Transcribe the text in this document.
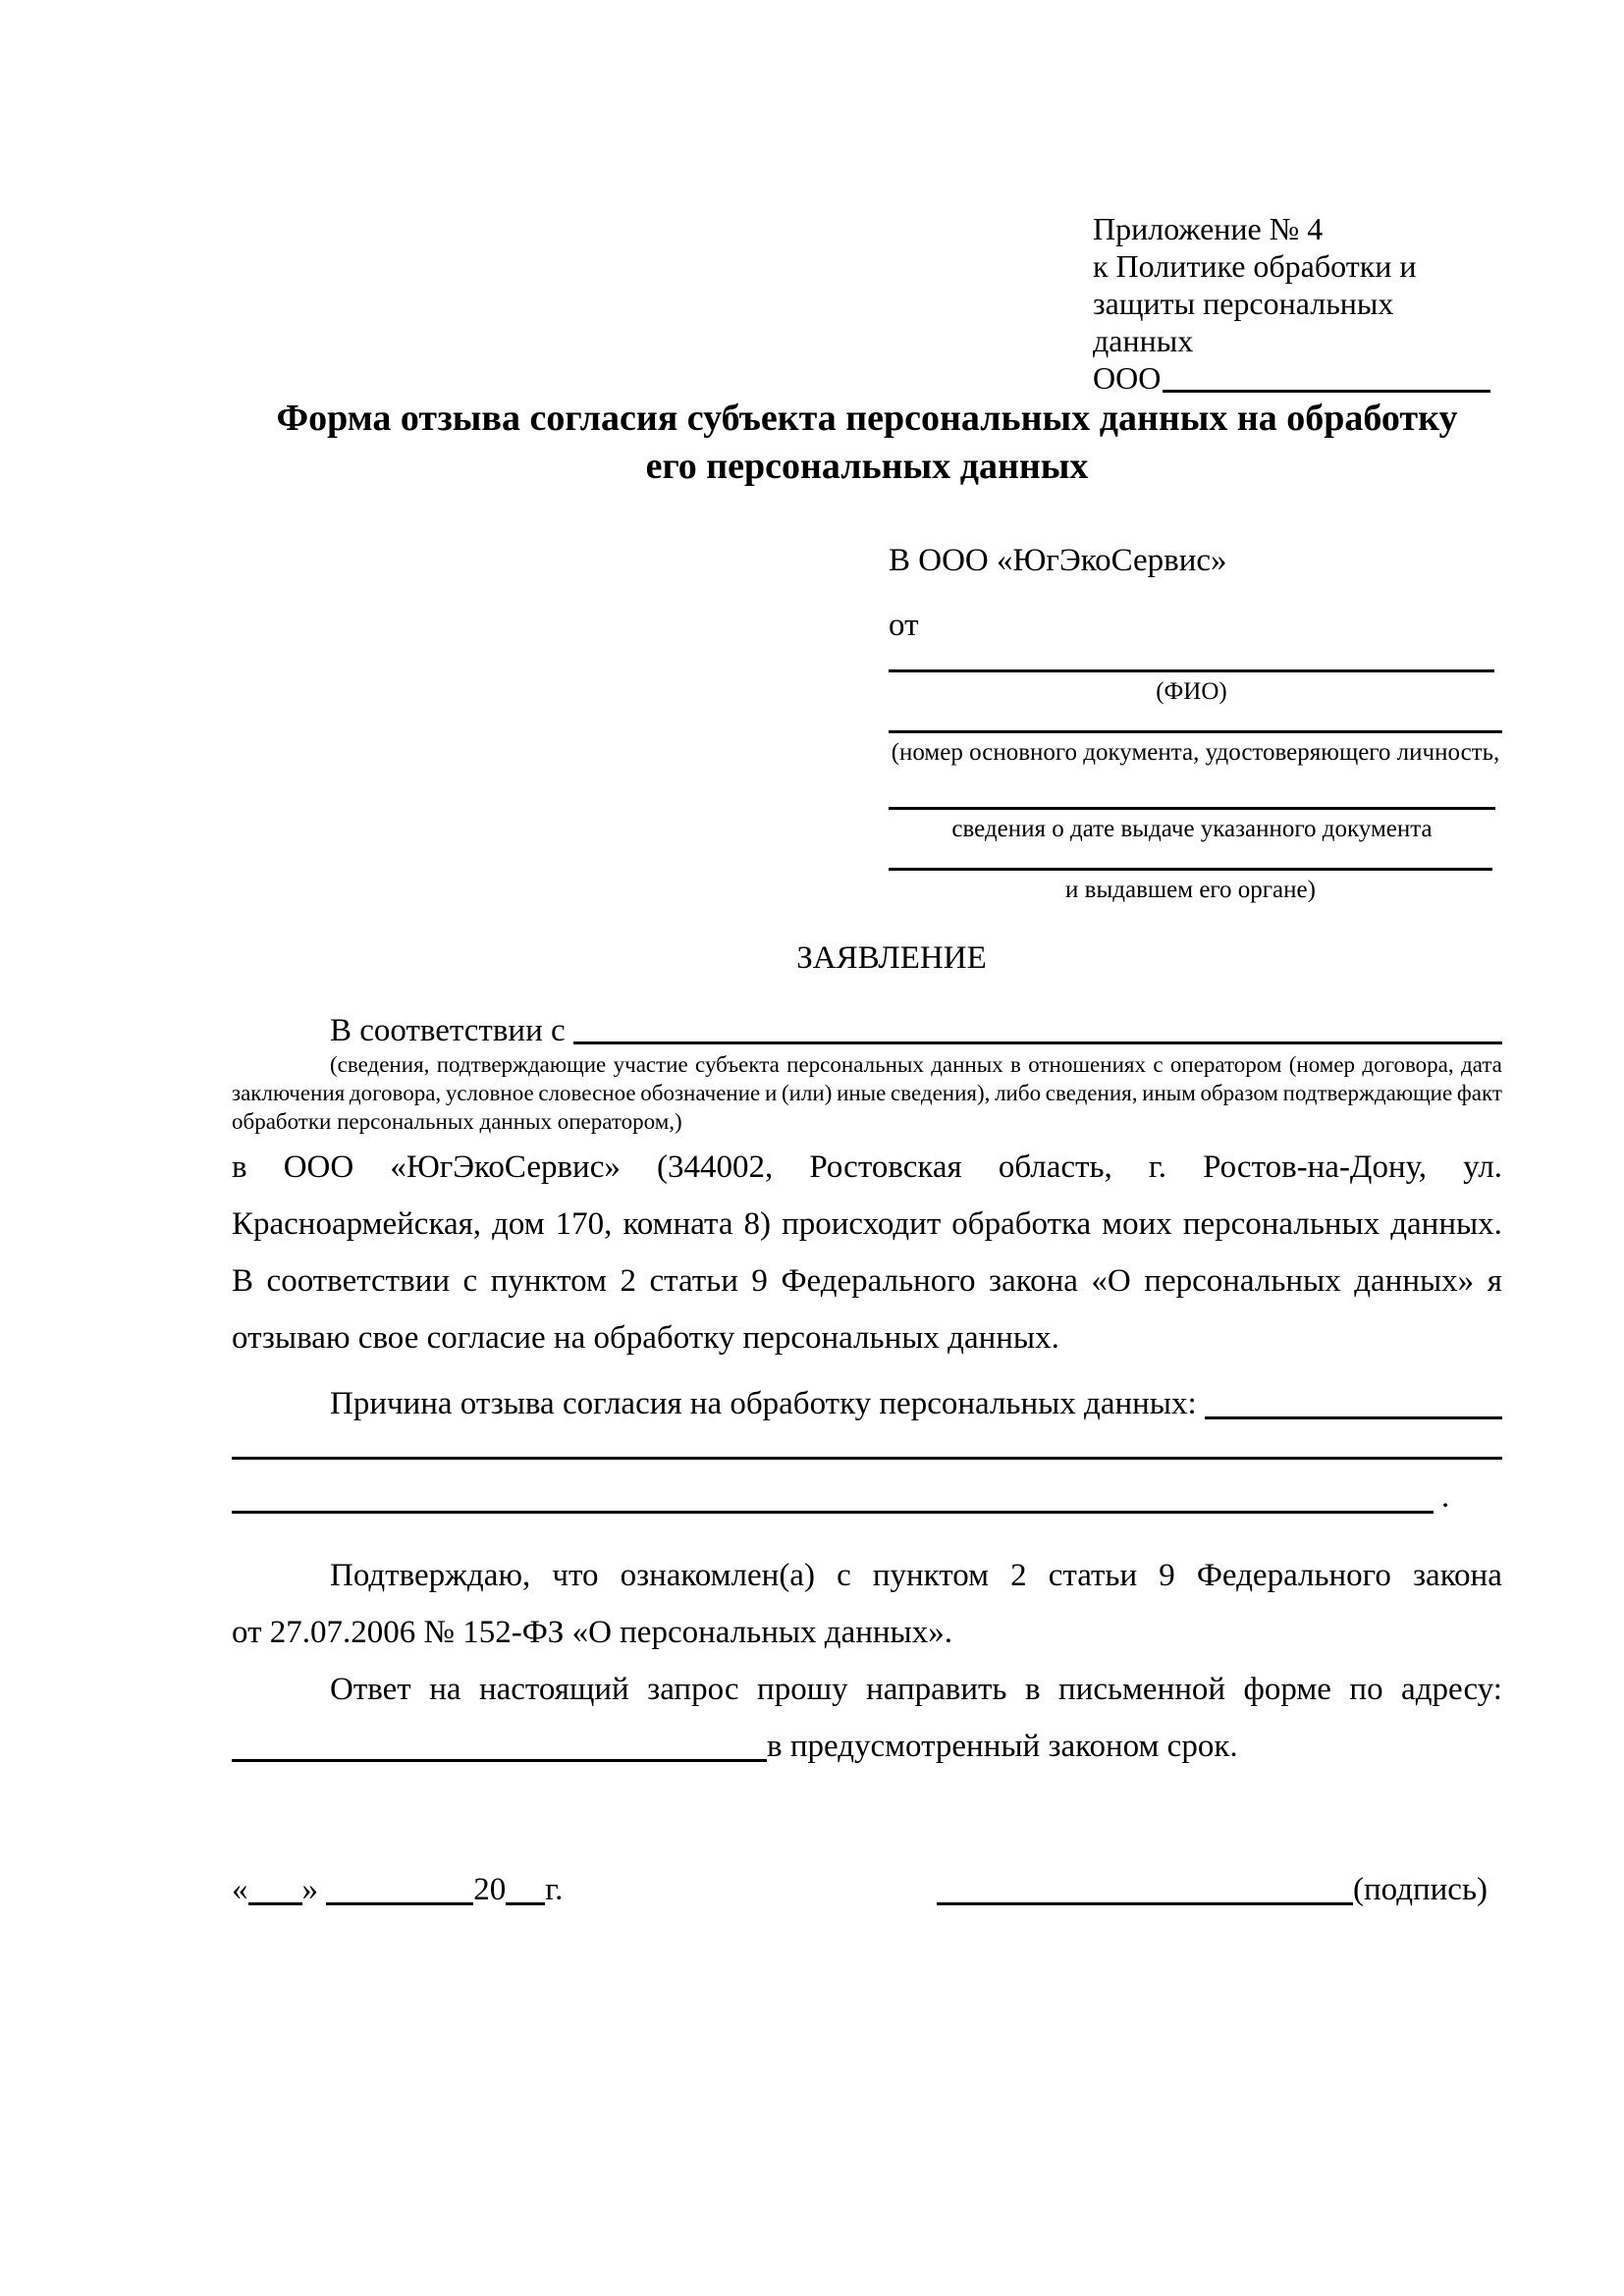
Приложение № 4
к Политике обработки и
защиты персональных данных
ООО
Форма отзыва согласия субъекта персональных данных на обработку
его персональных данных
В ООО «ЮгЭкоСервис»
от
(ФИО)
(номер основного документа, удостоверяющего личность,
сведения о дате выдаче указанного документа
и выдавшем его органе)
ЗАЯВЛЕНИЕ
В соответствии с
(сведения, подтверждающие участие субъекта персональных данных в отношениях с оператором (номер договора, дата
заключения договора, условное словесное обозначение и (или) иные сведения), либо сведения, иным образом подтверждающие факт
обработки персональных данных оператором,)
в ООО «ЮгЭкоСервис» (344002, Ростовская область, г. Ростов-на-Дону, ул.
Красноармейская, дом 170, комната 8) происходит обработка моих персональных данных.
В соответствии с пунктом 2 статьи 9 Федерального закона «О персональных данных» я
отзываю свое согласие на обработку персональных данных.
Причина отзыва согласия на обработку персональных данных:
.
Подтверждаю, что ознакомлен(а) с пунктом 2 статьи 9 Федерального закона
от 27.07.2006 № 152-ФЗ «О персональных данных».
Ответ на настоящий запрос прошу направить в письменной форме по адресу:
в предусмотренный законом срок.
« »	20 г.	(подпись)
